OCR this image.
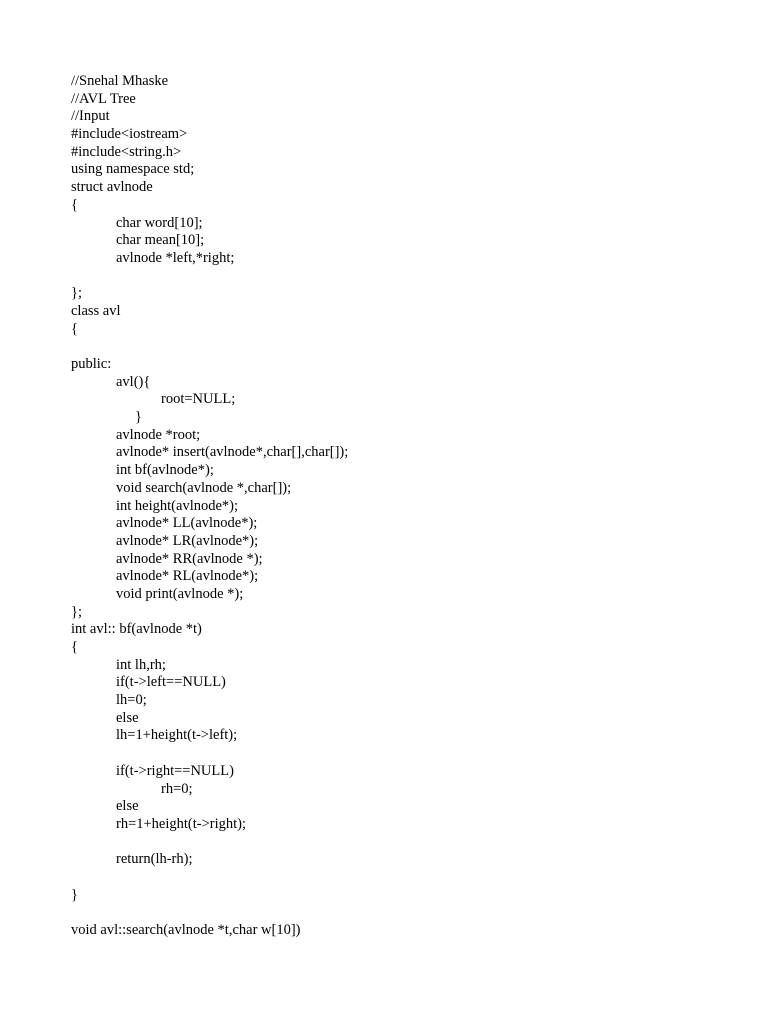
//Snehal Mhaske
//AVL Tree
//Input
#include<iostream>
#include<string.h>
using namespace std;
struct avlnode
{
char word[10];
char mean[10];
avlnode *left,*right;
};
class avl
{
public:
avl(){
root=NULL;
}
avlnode *root;
avlnode* insert(avlnode*,char[],char[]);
int bf(avlnode*);
void search(avlnode *,char[]);
int height(avlnode*);
avlnode* LL(avlnode*);
avlnode* LR(avlnode*);
avlnode* RR(avlnode *);
avlnode* RL(avlnode*);
void print(avlnode *);
};
int avl:: bf(avlnode *t)
{
int lh,rh;
if(t->left==NULL)
lh=0;
else
lh=1+height(t->left);
if(t->right==NULL)
rh=0;
else
rh=1+height(t->right);
return(lh-rh);
}
void avl::search(avlnode *t,char w[10])
